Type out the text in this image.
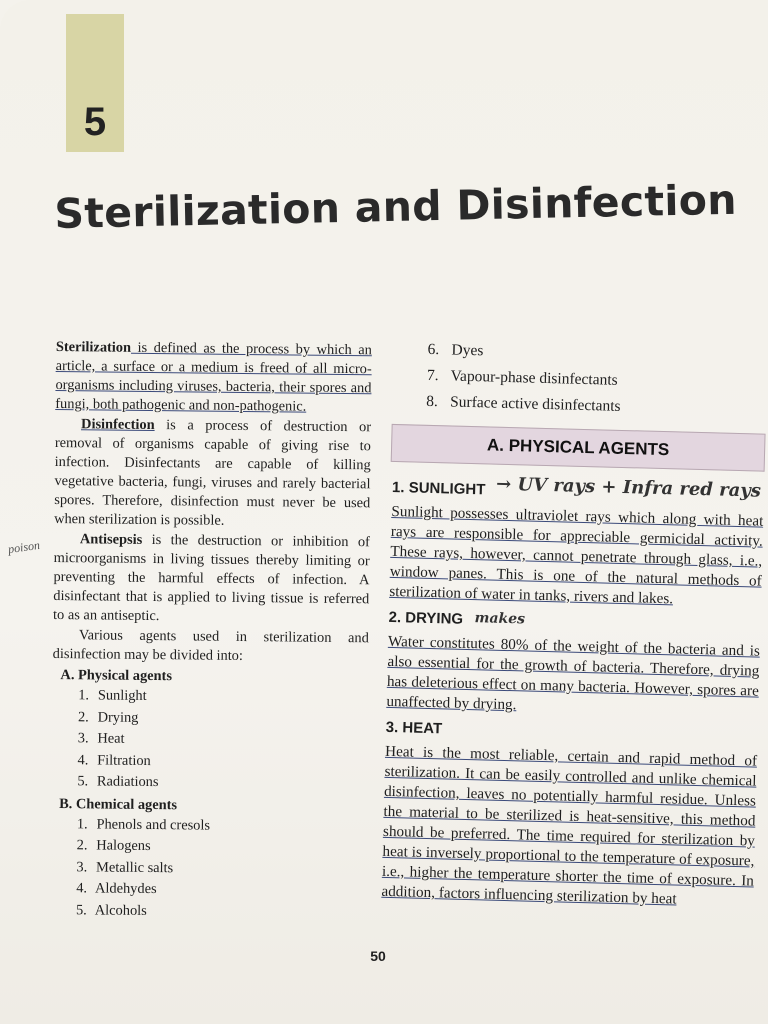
5
Sterilization and Disinfection
poison

Sterilization is defined as the process by which an article, a surface or a medium is freed of all micro-organisms including viruses, bacteria, their spores and fungi, both pathogenic and non-pathogenic.

Disinfection is a process of destruction or removal of organisms capable of giving rise to infection. Disinfectants are capable of killing vegetative bacteria, fungi, viruses and rarely bacterial spores. Therefore, disinfection must never be used when sterilization is possible.

Antisepsis is the destruction or inhibition of microorganisms in living tissues thereby limiting or preventing the harmful effects of infection. A disinfectant that is applied to living tissue is referred to as an antiseptic.

Various agents used in sterilization and disinfection may be divided into:

A. Physical agents
1. Sunlight
2. Drying
3. Heat
4. Filtration
5. Radiations
B. Chemical agents
1. Phenols and cresols
2. Halogens
3. Metallic salts
4. Aldehydes
5. Alcohols
6. Dyes
7. Vapour-phase disinfectants
8. Surface active disinfectants
A. PHYSICAL AGENTS
1. SUNLIGHT → UV rays + Infra red rays

Sunlight possesses ultraviolet rays which along with heat rays are responsible for appreciable germicidal activity. These rays, however, cannot penetrate through glass, i.e., window panes. This is one of the natural methods of sterilization of water in tanks, rivers and lakes.

2. DRYING makes

Water constitutes 80% of the weight of the bacteria and is also essential for the growth of bacteria. Therefore, drying has deleterious effect on many bacteria. However, spores are unaffected by drying.

3. HEAT

Heat is the most reliable, certain and rapid method of sterilization. It can be easily controlled and unlike chemical disinfection, leaves no potentially harmful residue. Unless the material to be sterilized is heat-sensitive, this method should be preferred. The time required for sterilization by heat is inversely proportional to the temperature of exposure, i.e., higher the temperature shorter the time of exposure. In addition, factors influencing sterilization by heat

50
